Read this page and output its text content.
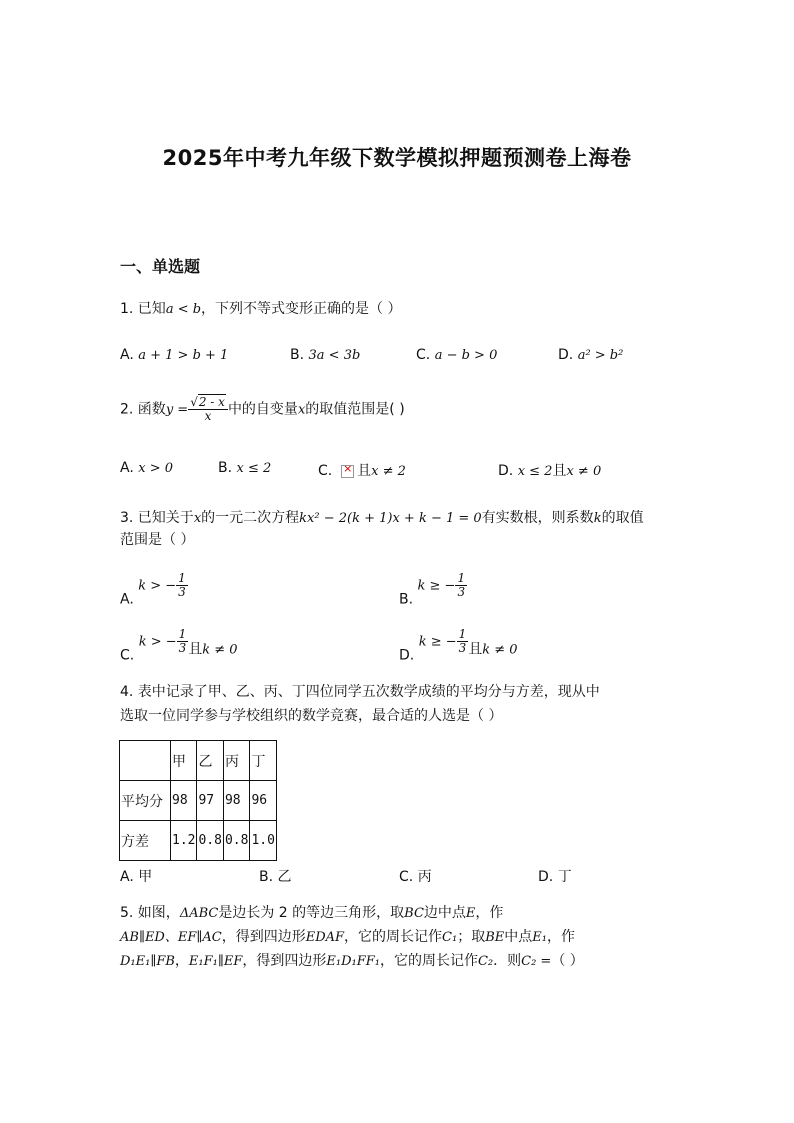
2025年中考九年级下数学模拟押题预测卷上海卷
一、单选题
1. 已知a < b，下列不等式变形正确的是（ ）
A. a + 1 > b + 1	B. 3a < 3b	C. a − b > 0	D. a² > b²
2. 函数$y = \frac{√2 - x}{x}$ 中的自变量x的取值范围是( )
A. x > 0	B. x ≤ 2	C. × 且x ≠ 2	D. x ≤ 2且x ≠ 0
3. 已知关于x的一元二次方程kx² − 2(k + 1)x + k − 1 = 0有实数根，则系数k的取值
范围是（ ）
A. k > − $\frac{1}{3}$
B. k ≥ − $\frac{1}{3}$
C. k > − $\frac{1}{3}$ 且k ≠ 0	D. k ≥ − $\frac{1}{3}$ 且k ≠ 0
4. 表中记录了甲、乙、丙、丁四位同学五次数学成绩的平均分与方差，现从中
选取一位同学参与学校组织的数学竞赛，最合适的人选是（ ）
	甲	乙	丙	丁
平均分	98	97	98	96
方差	1.2	0.8	0.8	1.0
A. 甲	B. 乙	C. 丙	D. 丁
5. 如图，ΔABC是边长为 2 的等边三角形，取BC边中点E，作
AB∥ED、EF∥AC，得到四边形EDAF，它的周长记作C₁；取BE中点E₁，作
D₁E₁∥FB，E₁F₁∥EF，得到四边形E₁D₁FF₁，它的周长记作C₂．则C₂ =（ ）
